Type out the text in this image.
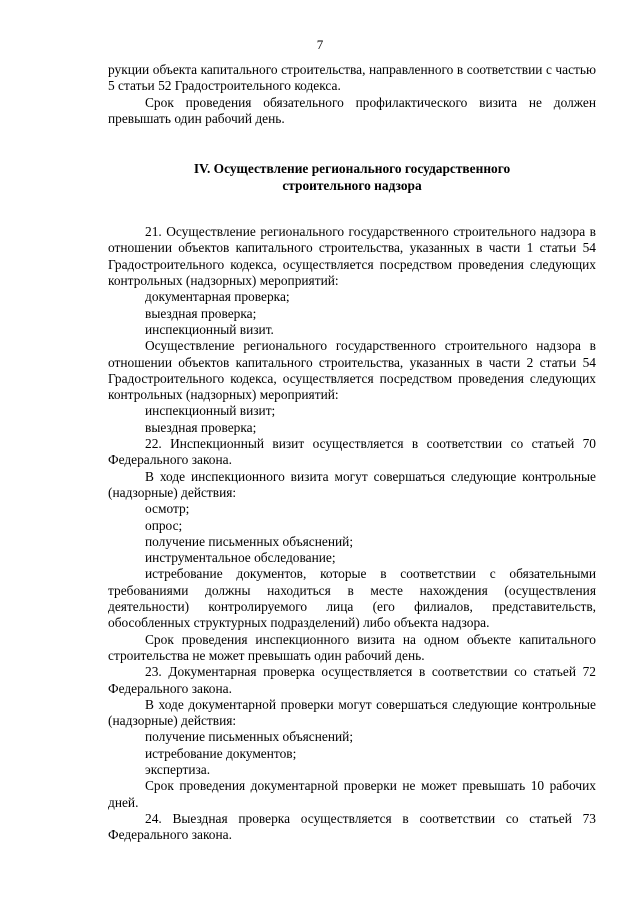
7

рукции объекта капитального строительства, направленного в соответствии с частью 5 статьи 52 Градостроительного кодекса.

Срок проведения обязательного профилактического визита не должен превышать один рабочий день.

IV. Осуществление регионального государственного
строительного надзора

21. Осуществление регионального государственного строительного надзора в отношении объектов капитального строительства, указанных в части 1 статьи 54 Градостроительного кодекса, осуществляется посредством проведения следующих контрольных (надзорных) мероприятий:

документарная проверка;

выездная проверка;

инспекционный визит.

Осуществление регионального государственного строительного надзора в отношении объектов капитального строительства, указанных в части 2 статьи 54 Градостроительного кодекса, осуществляется посредством проведения следующих контрольных (надзорных) мероприятий:

инспекционный визит;

выездная проверка;

22. Инспекционный визит осуществляется в соответствии со статьей 70 Федерального закона.

В ходе инспекционного визита могут совершаться следующие контрольные (надзорные) действия:

осмотр;

опрос;

получение письменных объяснений;

инструментальное обследование;

истребование документов, которые в соответствии с обязательными требованиями должны находиться в месте нахождения (осуществления деятельности) контролируемого лица (его филиалов, представительств, обособленных структурных подразделений) либо объекта надзора.

Срок проведения инспекционного визита на одном объекте капитального строительства не может превышать один рабочий день.

23. Документарная проверка осуществляется в соответствии со статьей 72 Федерального закона.

В ходе документарной проверки могут совершаться следующие контрольные (надзорные) действия:

получение письменных объяснений;

истребование документов;

экспертиза.

Срок проведения документарной проверки не может превышать 10 рабочих дней.

24. Выездная проверка осуществляется в соответствии со статьей 73 Федерального закона.
